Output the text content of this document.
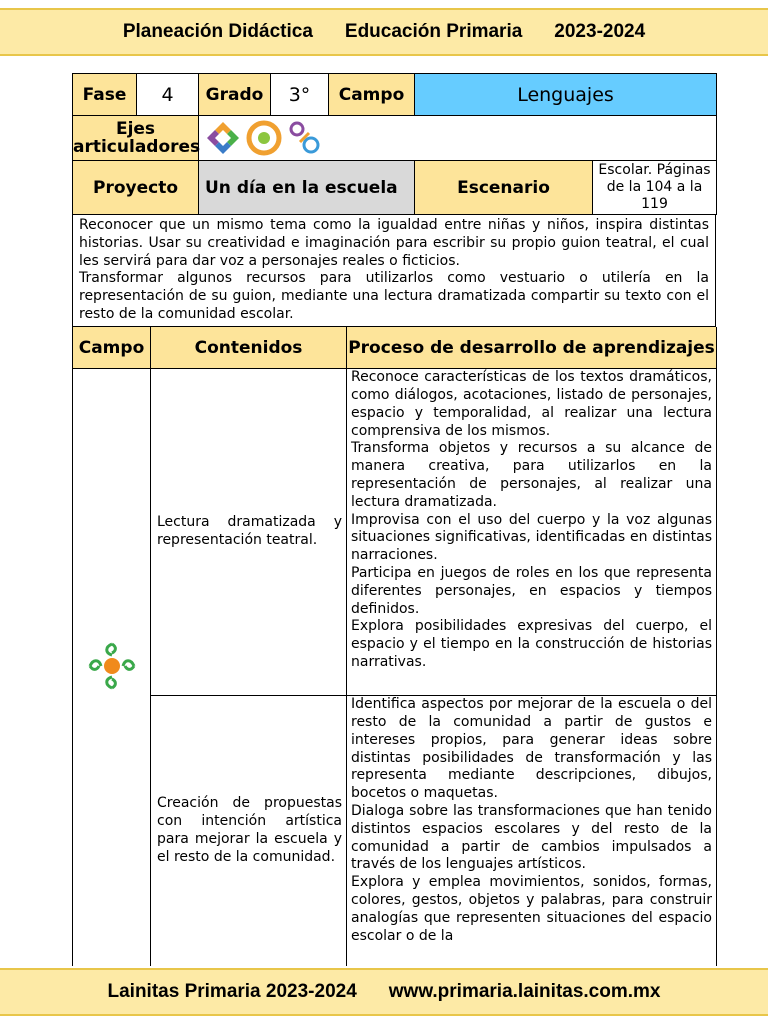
Planeación Didáctica Educación Primaria 2023-2024
Fase	4	Grado	3°	Campo	Lenguajes	
Ejes articuladores	
Proyecto		Un día en la escuela			Escenario	Escolar. Páginas de la 104 a la 119

Reconocer que un mismo tema como la igualdad entre niñas y niños, inspira distintas historias. Usar su creatividad e imaginación para escribir su propio guion teatral, el cual les servirá para dar voz a personajes reales o ficticios.

Transformar algunos recursos para utilizarlos como vestuario o utilería en la representación de su guion, mediante una lectura dramatizada compartir su texto con el resto de la comunidad escolar.

Campo	Contenidos	Proceso de desarrollo de aprendizajes
	Lectura dramatizada y representación teatral.	Reconoce características de los textos dramáticos, como diálogos, acotaciones, listado de personajes, espacio y temporalidad, al realizar una lectura comprensiva de los mismos.

Transforma objetos y recursos a su alcance de manera creativa, para utilizarlos en la representación de personajes, al realizar una lectura dramatizada.

Improvisa con el uso del cuerpo y la voz algunas situaciones significativas, identificadas en distintas narraciones.

Participa en juegos de roles en los que representa diferentes personajes, en espacios y tiempos definidos.

Explora posibilidades expresivas del cuerpo, el espacio y el tiempo en la construcción de historias narrativas.

	Creación de propuestas con intención artística para mejorar la escuela y el resto de la comunidad.	Identifica aspectos por mejorar de la escuela o del resto de la comunidad a partir de gustos e intereses propios, para generar ideas sobre distintas posibilidades de transformación y las representa mediante descripciones, dibujos, bocetos o maquetas.

Dialoga sobre las transformaciones que han tenido distintos espacios escolares y del resto de la comunidad a partir de cambios impulsados a través de los lenguajes artísticos.

Explora y emplea movimientos, sonidos, formas, colores, gestos, objetos y palabras, para construir analogías que representen situaciones del espacio escolar o de la

Lainitas Primaria 2023-2024 www.primaria.lainitas.com.mx
